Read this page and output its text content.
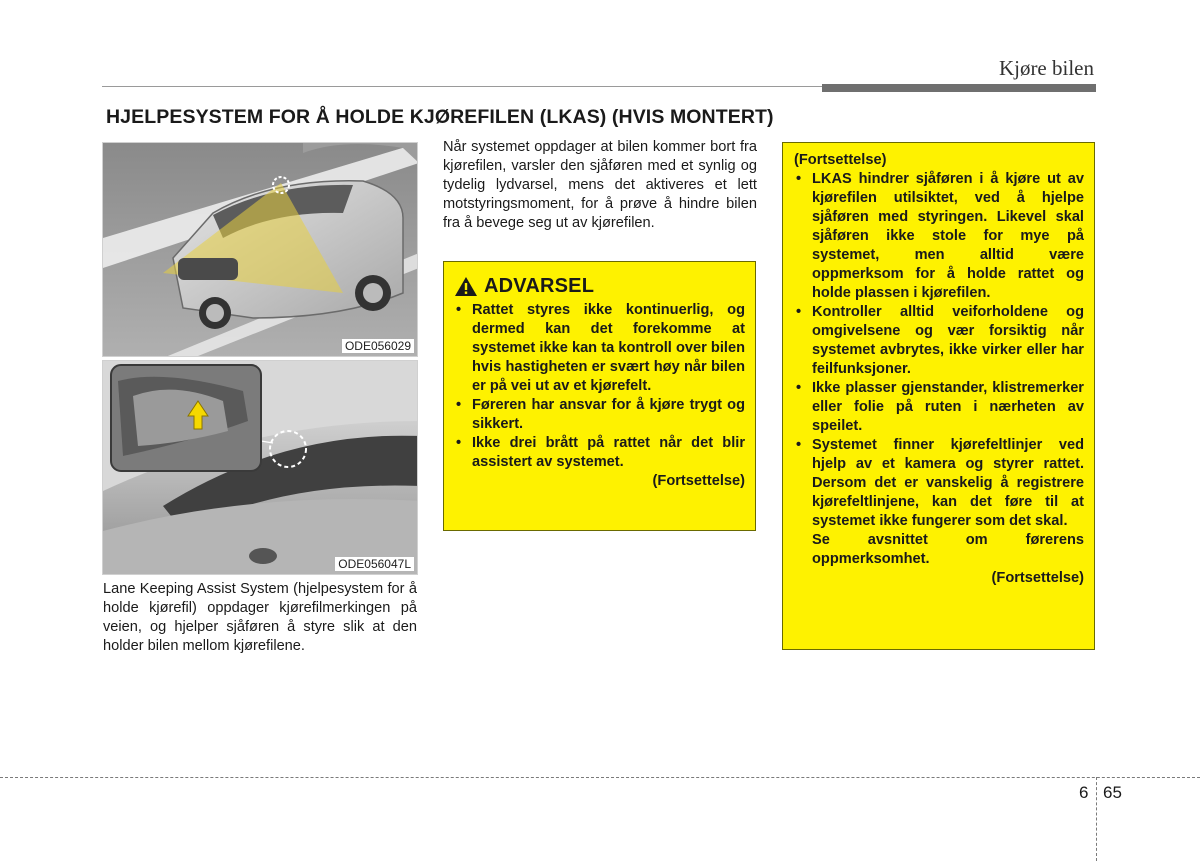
Kjøre bilen
HJELPESYSTEM FOR Å HOLDE KJØREFILEN (LKAS) (HVIS MONTERT)
ODE056029
ODE056047L

Lane Keeping Assist System (hjelpesystem for å holde kjørefil) oppdager kjørefilmerkingen på veien, og hjelper sjåføren å styre slik at den holder bilen mellom kjørefilene.

Når systemet oppdager at bilen kommer bort fra kjørefilen, varsler den sjåføren med et synlig og tydelig lydvarsel, mens det aktiveres et lett motstyringsmoment, for å prøve å hindre bilen fra å bevege seg ut av kjørefilen.

ADVARSEL
• Rattet styres ikke kontinuerlig, og dermed kan det forekomme at systemet ikke kan ta kontroll over bilen hvis hastigheten er svært høy når bilen er på vei ut av et kjørefelt.
• Føreren har ansvar for å kjøre trygt og sikkert.
• Ikke drei brått på rattet når det blir assistert av systemet.
(Fortsettelse)
(Fortsettelse)
• LKAS hindrer sjåføren i å kjøre ut av kjørefilen utilsiktet, ved å hjelpe sjåføren med styringen. Likevel skal sjåføren ikke stole for mye på systemet, men alltid være oppmerksom for å holde rattet og holde plassen i kjørefilen.
• Kontroller alltid veiforholdene og omgivelsene og vær forsiktig når systemet avbrytes, ikke virker eller har feilfunksjoner.
• Ikke plasser gjenstander, klistremerker eller folie på ruten i nærheten av speilet.
• Systemet finner kjørefeltlinjer ved hjelp av et kamera og styrer rattet. Dersom det er vanskelig å registrere kjørefeltlinjene, kan det føre til at systemet ikke fungerer som det skal.
Se avsnittet om førerens oppmerksomhet.
(Fortsettelse)
6 65
